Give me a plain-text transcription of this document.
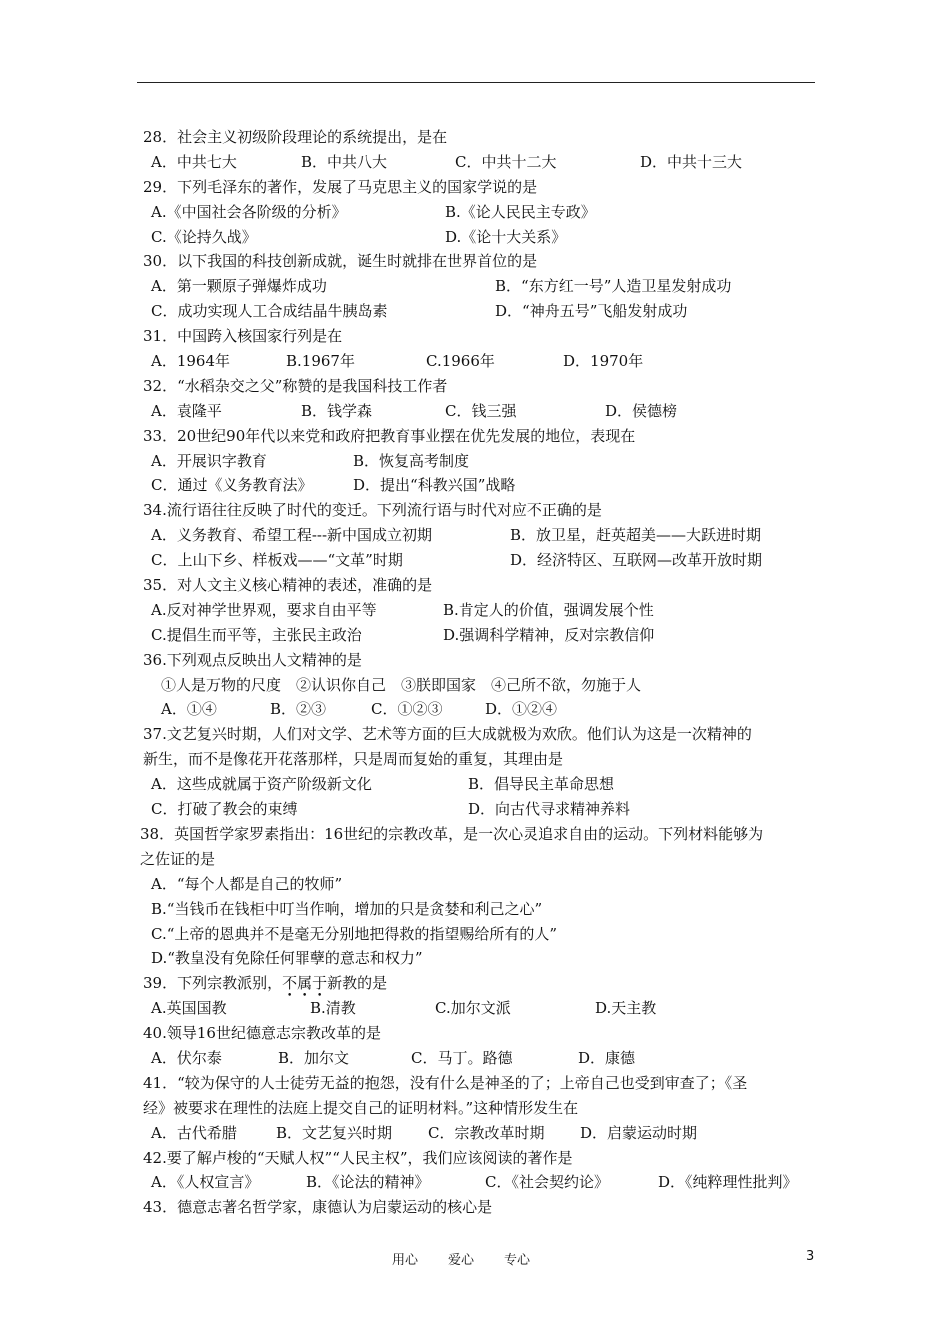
28．社会主义初级阶段理论的系统提出，是在
A．中共七大	B．中共八大	C．中共十二大	D．中共十三大
29．下列毛泽东的著作，发展了马克思主义的国家学说的是
A.《中国社会各阶级的分析》	B.《论人民民主专政》
C.《论持久战》	D.《论十大关系》
30．以下我国的科技创新成就，诞生时就排在世界首位的是
A．第一颗原子弹爆炸成功	B．“东方红一号”人造卫星发射成功
C．成功实现人工合成结晶牛胰岛素	D．“神舟五号”飞船发射成功
31．中国跨入核国家行列是在
A．1964年	B.1967年	C.1966年	D．1970年
32．“水稻杂交之父”称赞的是我国科技工作者
A．袁隆平	B．钱学森	C．钱三强	D．侯德榜
33．20世纪90年代以来党和政府把教育事业摆在优先发展的地位，表现在
A．开展识字教育	B．恢复高考制度
C．通过《义务教育法》	D．提出“科教兴国”战略
34.流行语往往反映了时代的变迁。下列流行语与时代对应不正确的是
A．义务教育、希望工程---新中国成立初期	B．放卫星，赶英超美——大跃进时期
C．上山下乡、样板戏——“文革”时期	D．经济特区、互联网—改革开放时期
35．对人文主义核心精神的表述，准确的是
A.反对神学世界观，要求自由平等	B.肯定人的价值，强调发展个性
C.提倡生而平等，主张民主政治	D.强调科学精神，反对宗教信仰
36.下列观点反映出人文精神的是
①人是万物的尺度　②认识你自己　③朕即国家　④己所不欲，勿施于人
A．①④	B．②③	C．①②③	D．①②④
37.文艺复兴时期，人们对文学、艺术等方面的巨大成就极为欢欣。他们认为这是一次精神的
新生，而不是像花开花落那样，只是周而复始的重复，其理由是
A．这些成就属于资产阶级新文化	B．倡导民主革命思想
C．打破了教会的束缚	D．向古代寻求精神养料
38．英国哲学家罗素指出：16世纪的宗教改革，是一次心灵追求自由的运动。下列材料能够为
之佐证的是
A．“每个人都是自己的牧师”
B.“当钱币在钱柜中叮当作响，增加的只是贪婪和利己之心”
C.“上帝的恩典并不是毫无分别地把得救的指望赐给所有的人”
D.“教皇没有免除任何罪孽的意志和权力”
39．下列宗教派别，不属于新教的是
A.英国国教	B.清教	C.加尔文派	D.天主教
40.领导16世纪德意志宗教改革的是
A．伏尔泰	B．加尔文	C．马丁。路德	D．康德
41．“较为保守的人士徒劳无益的抱怨，没有什么是神圣的了；上帝自己也受到审查了；《圣
经》被要求在理性的法庭上提交自己的证明材料。”这种情形发生在
A．古代希腊	B．文艺复兴时期 C．宗教改革时期 D．启蒙运动时期
42.要了解卢梭的“天赋人权”“人民主权”，我们应该阅读的著作是
A．《人权宣言》	B．《论法的精神》	C．《社会契约论》	D．《纯粹理性批判》
43．德意志著名哲学家，康德认为启蒙运动的核心是
用心 爱心 专心	3
